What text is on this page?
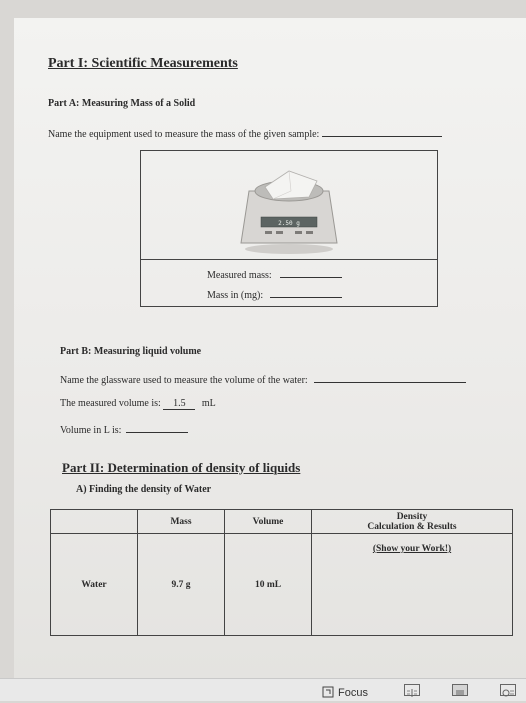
Part I: Scientific Measurements
Part A: Measuring Mass of a Solid
Name the equipment used to measure the mass of the given sample:
2.50 g
Measured mass:
Mass in (mg):
Part B: Measuring liquid volume
Name the glassware used to measure the volume of the water:
The measured volume is: 1.5 mL
Volume in L is:
Part II: Determination of density of liquids
A) Finding the density of Water
	Mass	Volume	Density
Calculation & Results
Water	9.7 g	10 mL	(Show your Work!)
Focus
